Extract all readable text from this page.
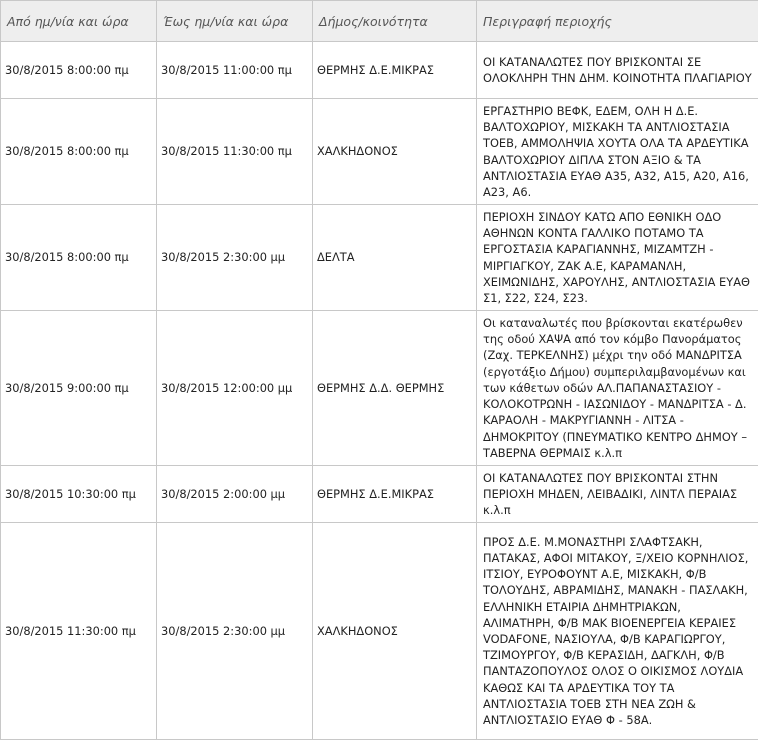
Από ημ/νία και ώρα	Έως ημ/νία και ώρα	Δήμος/κοινότητα	Περιγραφή περιοχής
30/8/2015 8:00:00 πμ	30/8/2015 11:00:00 πμ	ΘΕΡΜΗΣ Δ.Ε.ΜΙΚΡΑΣ	ΟΙ ΚΑΤΑΝΑΛΩΤΕΣ ΠΟΥ ΒΡΙΣΚΟΝΤΑΙ ΣΕ ΟΛΟΚΛΗΡΗ ΤΗΝ ΔΗΜ. ΚΟΙΝΟΤΗΤΑ ΠΛΑΓΙΑΡΙΟΥ
30/8/2015 8:00:00 πμ	30/8/2015 11:30:00 πμ	ΧΑΛΚΗΔΟΝΟΣ	ΕΡΓΑΣΤΗΡΙΟ ΒΕΦΚ, ΕΔΕΜ, ΟΛΗ Η Δ.Ε. ΒΑΛΤΟΧΩΡΙΟΥ, ΜΙΣΚΑΚΗ ΤΑ ΑΝΤΛΙΟΣΤΑΣΙΑ ΤΟΕΒ, ΑΜΜΟΛΗΨΙΑ ΧΟΥΤΑ ΟΛΑ ΤΑ ΑΡΔΕΥΤΙΚΑ ΒΑΛΤΟΧΩΡΙΟΥ ΔΙΠΛΑ ΣΤΟΝ ΑΞΙΟ & ΤΑ ΑΝΤΛΙΟΣΤΑΣΙΑ ΕΥΑΘ Α35, Α32, Α15, Α20, Α16, Α23, Α6.
30/8/2015 8:00:00 πμ	30/8/2015 2:30:00 μμ	ΔΕΛΤΑ	ΠΕΡΙΟΧΗ ΣΙΝΔΟΥ ΚΑΤΩ ΑΠΟ ΕΘΝΙΚΗ ΟΔΟ ΑΘΗΝΩΝ ΚΟΝΤΑ ΓΑΛΛΙΚΟ ΠΟΤΑΜΟ ΤΑ ΕΡΓΟΣΤΑΣΙΑ ΚΑΡΑΓΙΑΝΝΗΣ, ΜΙΖΑΜΤΖΗ - ΜΙΡΓΙΑΓΚΟΥ, ΖΑΚ Α.Ε, ΚΑΡΑΜΑΝΛΗ, ΧΕΙΜΩΝΙΔΗΣ, ΧΑΡΟΥΛΗΣ, ΑΝΤΛΙΟΣΤΑΣΙΑ ΕΥΑΘ Σ1, Σ22, Σ24, Σ23.
30/8/2015 9:00:00 πμ	30/8/2015 12:00:00 μμ	ΘΕΡΜΗΣ Δ.Δ. ΘΕΡΜΗΣ	Οι καταναλωτές που βρίσκονται εκατέρωθεν της οδού ΧΑΨΑ από τον κόμβο Πανοράματος (Ζαχ. ΤΕΡΚΕΛΝΗΣ) μέχρι την οδό ΜΑΝΔΡΙΤΣΑ (εργοτάξιο Δήμου) συμπεριλαμβανομένων και των κάθετων οδών ΑΛ.ΠΑΠΑΝΑΣΤΑΣΙΟΥ - ΚΟΛΟΚΟΤΡΩΝΗ - ΙΑΣΩΝΙΔΟΥ - ΜΑΝΔΡΙΤΣΑ - Δ. ΚΑΡΑΟΛΗ - ΜΑΚΡΥΓΙΑΝΝΗ - ΛΙΤΣΑ - ΔΗΜΟΚΡΙΤΟΥ (ΠΝΕΥΜΑΤΙΚΟ ΚΕΝΤΡΟ ΔΗΜΟΥ – ΤΑΒΕΡΝΑ ΘΕΡΜΑΙΣ κ.λ.π
30/8/2015 10:30:00 πμ	30/8/2015 2:00:00 μμ	ΘΕΡΜΗΣ Δ.Ε.ΜΙΚΡΑΣ	ΟΙ ΚΑΤΑΝΑΛΩΤΕΣ ΠΟΥ ΒΡΙΣΚΟΝΤΑΙ ΣΤΗΝ ΠΕΡΙΟΧΗ ΜΗΔΕΝ, ΛΕΙΒΑΔΙΚΙ, ΛΙΝΤΛ ΠΕΡΑΙΑΣ κ.λ.π
30/8/2015 11:30:00 πμ	30/8/2015 2:30:00 μμ	ΧΑΛΚΗΔΟΝΟΣ	ΠΡΟΣ Δ.Ε. Μ.ΜΟΝΑΣΤΗΡΙ ΣΛΑΦΤΣΑΚΗ, ΠΑΤΑΚΑΣ, ΑΦΟΙ ΜΙΤΑΚΟΥ, Ξ/ΧΕΙΟ ΚΟΡΝΗΛΙΟΣ, ΙΤΣΙΟΥ, ΕΥΡΟΦΟΥΝΤ Α.Ε, ΜΙΣΚΑΚΗ, Φ/Β ΤΟΛΟΥΔΗΣ, ΑΒΡΑΜΙΔΗΣ, ΜΑΝΑΚΗ - ΠΑΣΛΑΚΗ, ΕΛΛΗΝΙΚΗ ΕΤΑΙΡΙΑ ΔΗΜΗΤΡΙΑΚΩΝ, ΑΛΙΜΑΤΗΡΗ, Φ/Β ΜΑΚ ΒΙΟΕΝΕΡΓΕΙΑ ΚΕΡΑΙΕΣ VODAFONE, ΝΑΣΙΟΥΛΑ, Φ/Β ΚΑΡΑΓΙΩΡΓΟΥ, ΤΖΙΜΟΥΡΓΟΥ, Φ/Β ΚΕΡΑΣΙΔΗ, ΔΑΓΚΛΗ, Φ/Β ΠΑΝΤΑΖΟΠΟΥΛΟΣ ΟΛΟΣ Ο ΟΙΚΙΣΜΟΣ ΛΟΥΔΙΑ ΚΑΘΩΣ ΚΑΙ ΤΑ ΑΡΔΕΥΤΙΚΑ ΤΟΥ ΤΑ ΑΝΤΛΙΟΣΤΑΣΙΑ ΤΟΕΒ ΣΤΗ ΝΕΑ ΖΩΗ & ΑΝΤΛΙΟΣΤΑΣΙΟ ΕΥΑΘ Φ - 58Α.
